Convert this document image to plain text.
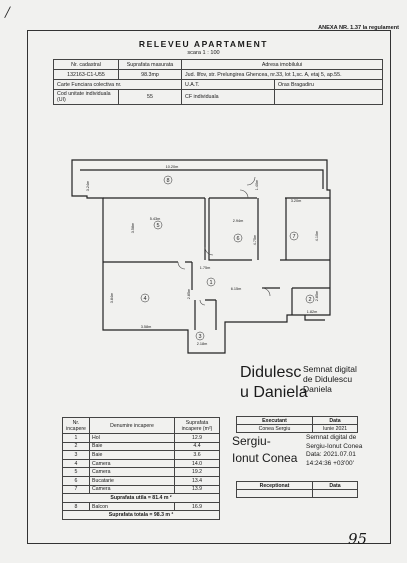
/
ANEXA NR. 1.37 la regulament
RELEVEU APARTAMENT
scara 1 : 100
Nr. cadastral	Suprafata masurata	Adresa imobilului	
132163-C1-U55	98.3mp	Jud. Ilfov, str. Prelungirea Ghencea, nr.33, lot 1,sc. A, etaj 5, ap.55.	
Carte Funciara colectiva nr.		U.A.T.	Oras Bragadiru
Cod unitate individuala (UI)	55	CF individuala	
10.20m
3.24m	1.40m
3.20m
5.43m
3.58m
2.94m
4.75m	4.10m
1.75m
6.15m
2.85m
3.84m	2.85m
3.58m
1.82m
2.18m
8
5
6	7
4
1
2
3
Didulesc
u Daniela
Semnat digital
de Didulescu
Daniela
Executant	Data
Conea Sergiu	Iunie 2021
Sergiu-
Ionut Conea
Semnat digital de
Sergiu-Ionut Conea
Data: 2021.07.01
14:24:36 +03'00'
Receptionat	Data

Nr. incapere	Denumire incapere	Suprafata incapere (m²)
1	Hol	12.9
2	Baie	4.4
3	Baie	3.6
4	Camera	14.0
5	Camera	19.2
6	Bucatarie	13.4
7	Camera	13.9
Suprafata utila = 81.4 m ²		
8	Balcon	16.9
Suprafata totala = 98.3 m ²		
95
